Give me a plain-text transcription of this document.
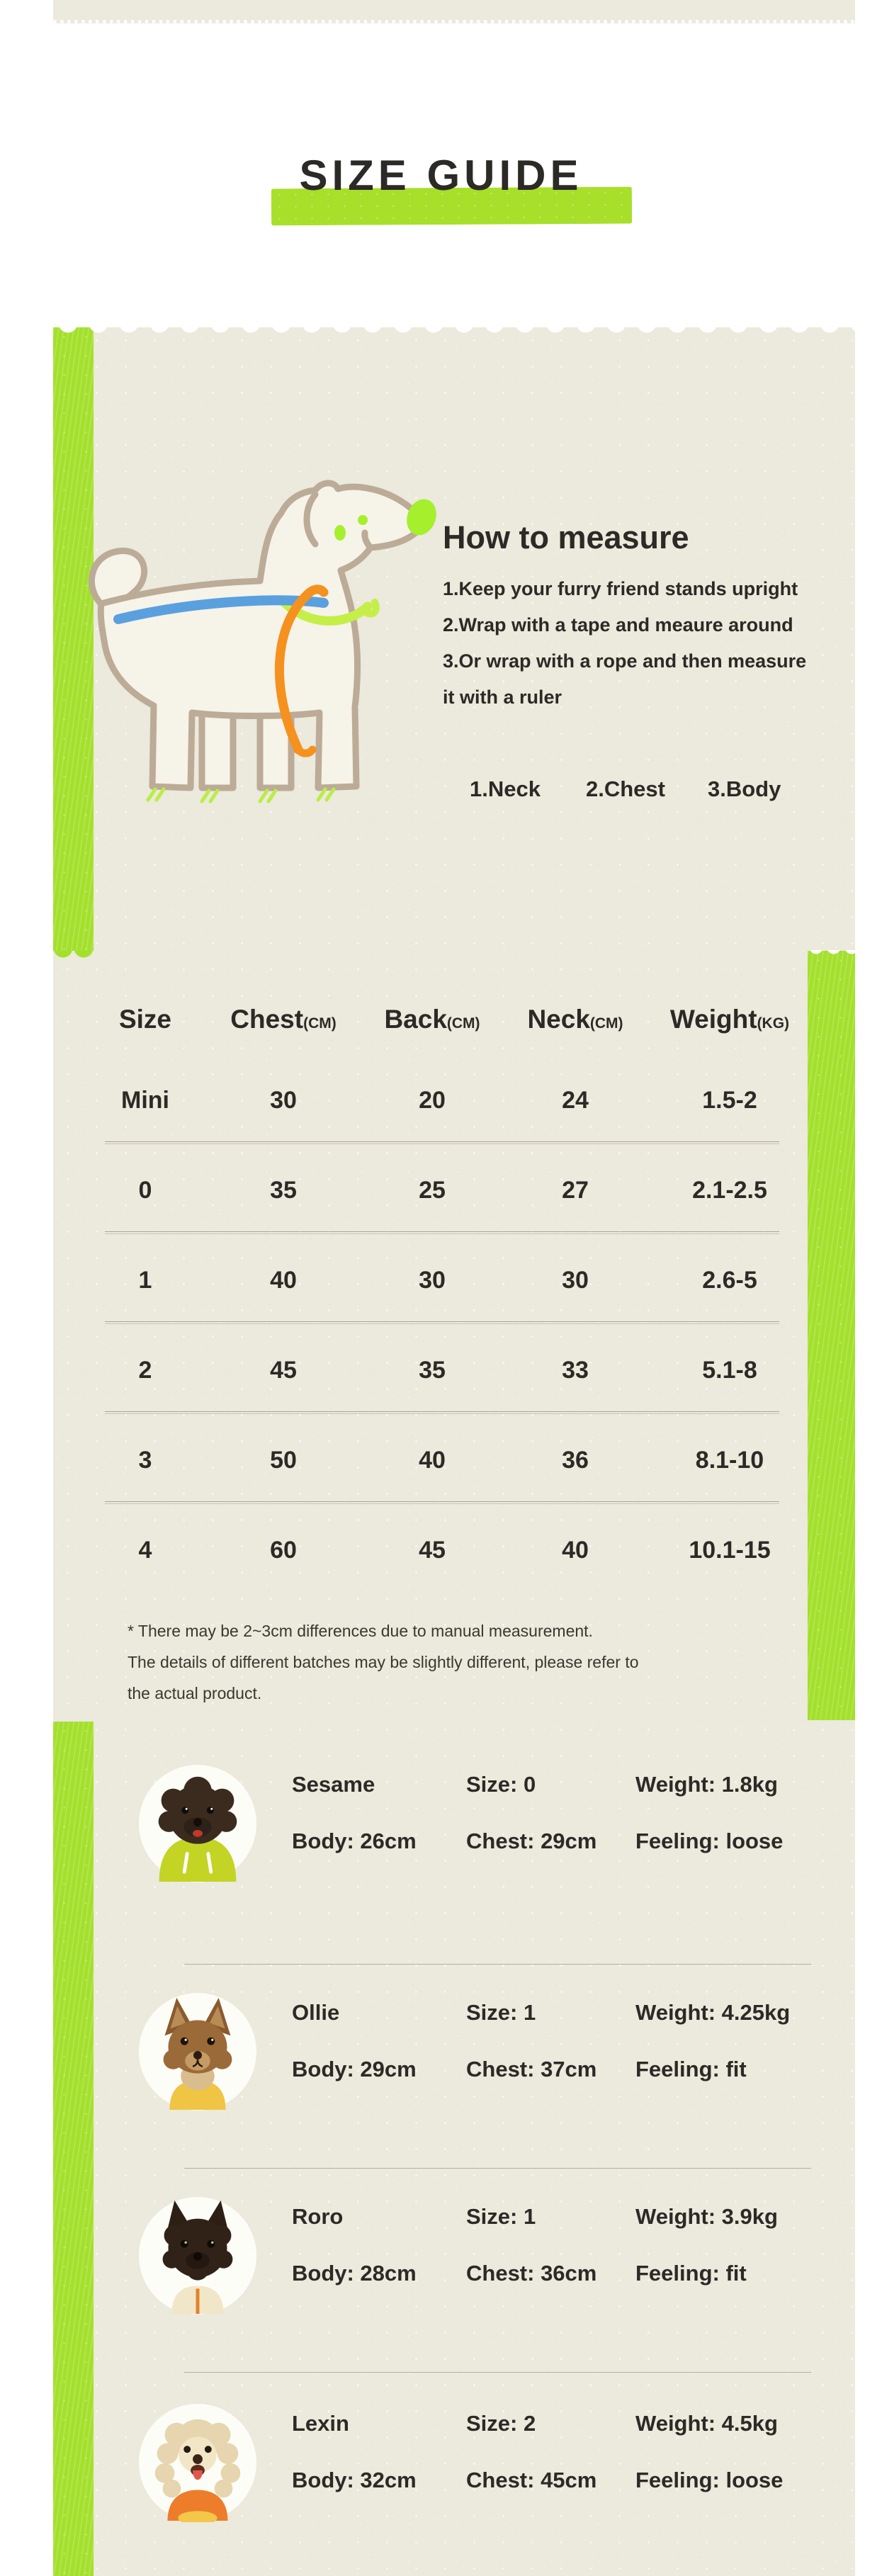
SIZE GUIDE
How to measure
1.Keep your furry friend stands upright
2.Wrap with a tape and meaure around
3.Or wrap with a rope and then measure
it with a ruler
1.Neck 2.Chest 3.Body
Size	Chest(CM)	Back(CM)	Neck(CM)	Weight(KG)
Mini	30	20	24	1.5-2
0	35	25	27	2.1-2.5
1	40	30	30	2.6-5
2	45	35	33	5.1-8
3	50	40	36	8.1-10
4	60	45	40	10.1-15
* There may be 2~3cm differences due to manual measurement.
The details of different batches may be slightly different, please refer to
the actual product.
Sesame	Size: 0	Weight: 1.8kg
Body: 26cm Chest: 29cm Feeling: loose
Ollie	Size: 1	Weight: 4.25kg
Body: 29cm Chest: 37cm Feeling: fit
Roro	Size: 1	Weight: 3.9kg
Body: 28cm Chest: 36cm Feeling: fit
Lexin	Size: 2	Weight: 4.5kg
Body: 32cm Chest: 45cm Feeling: loose
